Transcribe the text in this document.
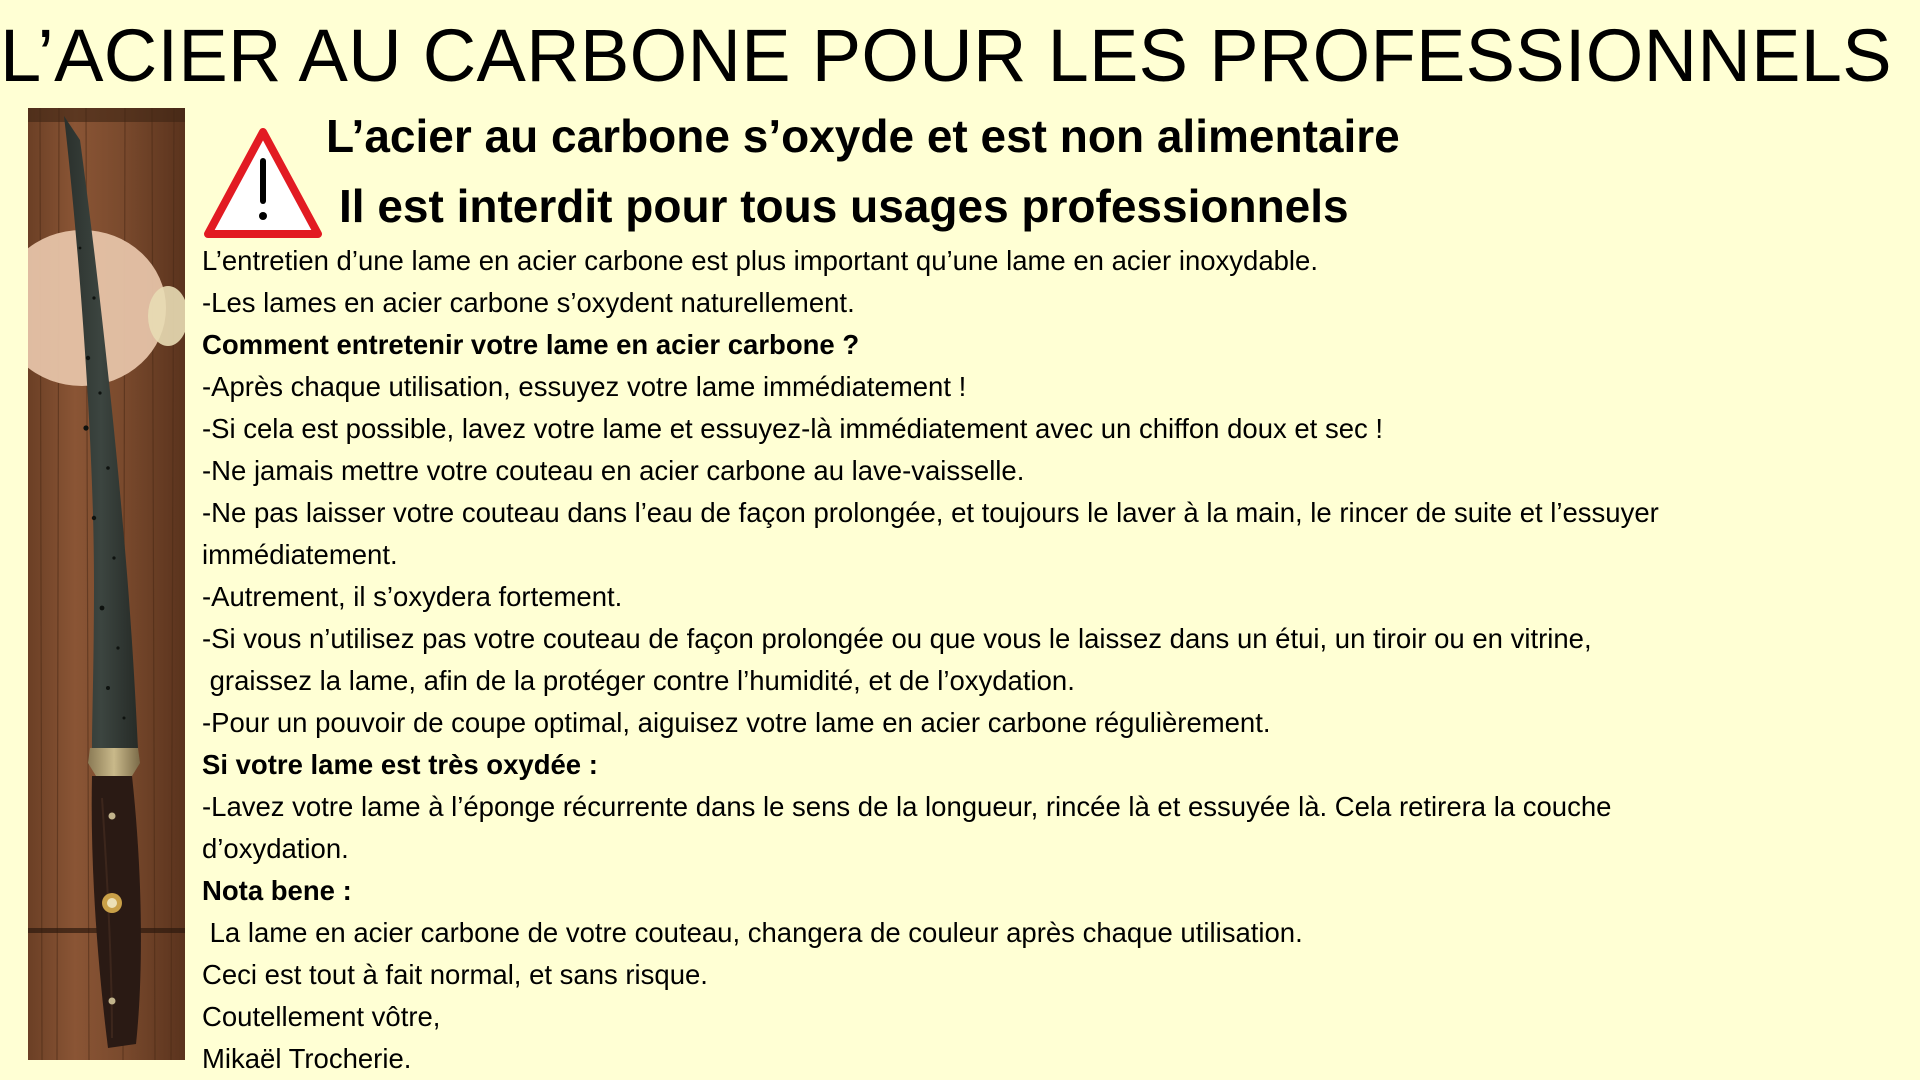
L’ACIER AU CARBONE POUR LES PROFESSIONNELS

L’acier au carbone s’oxyde et est non alimentaire

Il est interdit pour tous usages professionnels

L’entretien d’une lame en acier carbone est plus important qu’une lame en acier inoxydable.

-Les lames en acier carbone s’oxydent naturellement.

Comment entretenir votre lame en acier carbone ?

-Après chaque utilisation, essuyez votre lame immédiatement !

-Si cela est possible, lavez votre lame et essuyez-là immédiatement avec un chiffon doux et sec !

-Ne jamais mettre votre couteau en acier carbone au lave-vaisselle.

-Ne pas laisser votre couteau dans l’eau de façon prolongée, et toujours le laver à la main, le rincer de suite et l’essuyer

immédiatement.

-Autrement, il s’oxydera fortement.

-Si vous n’utilisez pas votre couteau de façon prolongée ou que vous le laissez dans un étui, un tiroir ou en vitrine,

graissez la lame, afin de la protéger contre l’humidité, et de l’oxydation.

-Pour un pouvoir de coupe optimal, aiguisez votre lame en acier carbone régulièrement.

Si votre lame est très oxydée :

-Lavez votre lame à l’éponge récurrente dans le sens de la longueur, rincée là et essuyée là. Cela retirera la couche

d’oxydation.

Nota bene :

La lame en acier carbone de votre couteau, changera de couleur après chaque utilisation.

Ceci est tout à fait normal, et sans risque.

Coutellement vôtre,

Mikaël Trocherie.
